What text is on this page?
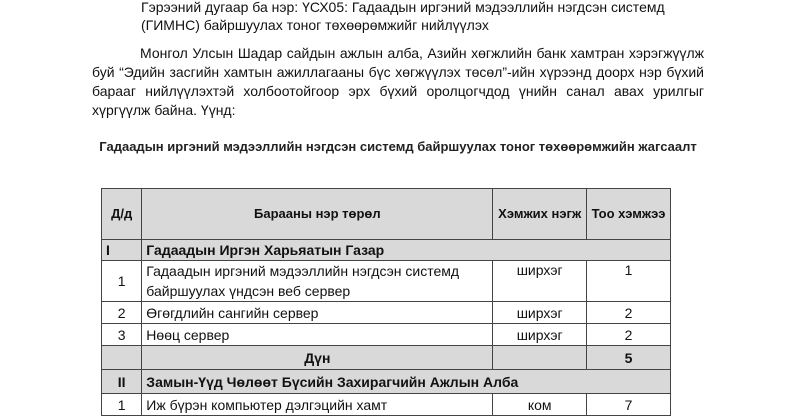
Гэрээний дугаар ба нэр: ҮСХ05: Гадаадын иргэний мэдээллийн нэгдсэн системд
(ГИМНС) байршуулах тоног төхөөрөмжийг нийлүүлэх
Монгол Улсын Шадар сайдын ажлын алба, Азийн хөгжлийн банк хамтран хэрэгжүүлж буй “Эдийн засгийн хамтын ажиллагааны бүс хөгжүүлэх төсөл”-ийн хүрээнд доорх нэр бүхий барааг нийлүүлэхтэй холбоотойгоор эрх бүхий оролцогчдод үнийн санал авах урилгыг хүргүүлж байна. Үүнд:
Гадаадын иргэний мэдээллийн нэгдсэн системд байршуулах тоног төхөөрөмжийн жагсаалт
Д/д	Барааны нэр төрөл	Хэмжих нэгж	Тоо хэмжээ
I	Гадаадын Иргэн Харьяатын Газар		
1	Гадаадын иргэний мэдээллийн нэгдсэн системд байршуулах үндсэн веб сервер	ширхэг	1
2	Өгөгдлийн сангийн сервер	ширхэг	2
3	Нөөц сервер	ширхэг	2
	Дүн		5
II	Замын-Үүд Чөлөөт Бүсийн Захирагчийн Ажлын Алба		
1	Иж бүрэн компьютер дэлгэцийн хамт	ком	7
